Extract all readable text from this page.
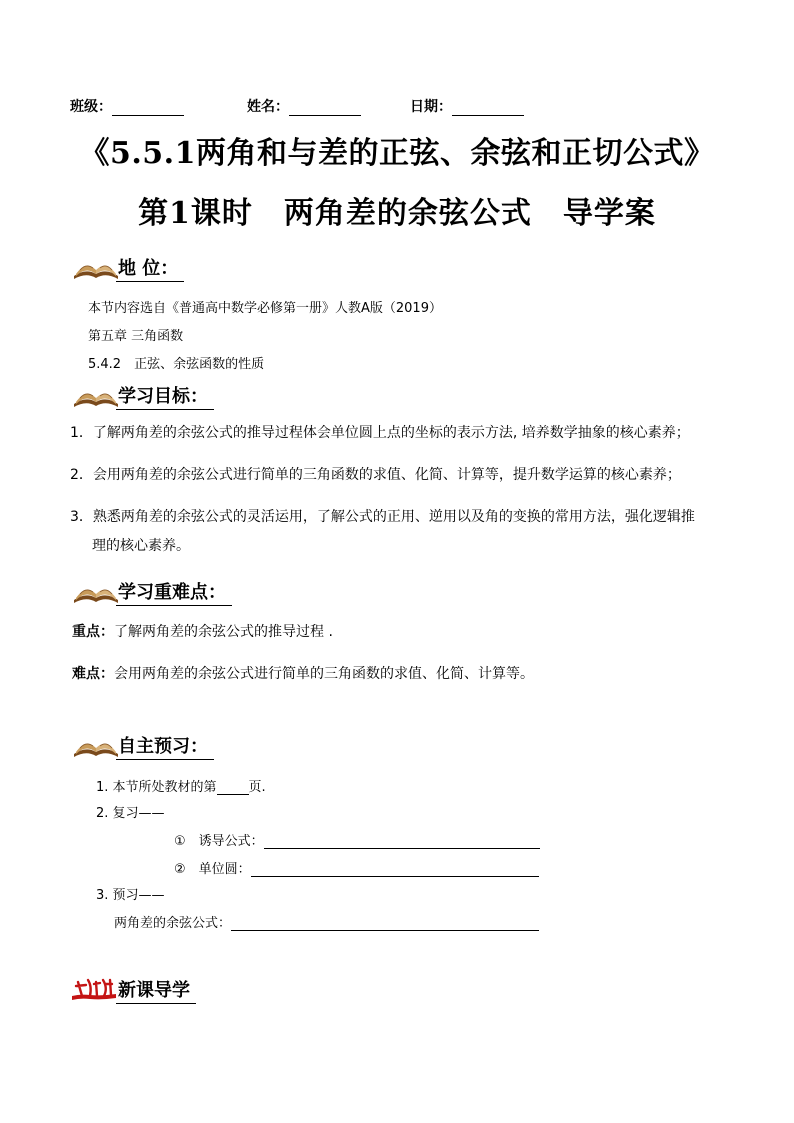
班级：	姓名：	日期：
《5.5.1两角和与差的正弦、余弦和正切公式》
第1课时　两角差的余弦公式　导学案
地 位：
本节内容选自《普通高中数学必修第一册》人教A版（2019）
第五章 三角函数
5.4.2　正弦、余弦函数的性质
学习目标：
1．了解两角差的余弦公式的推导过程体会单位圆上点的坐标的表示方法, 培养数学抽象的核心素养；
2．会用两角差的余弦公式进行简单的三角函数的求值、化简、计算等，提升数学运算的核心素养；
3．熟悉两角差的余弦公式的灵活运用，了解公式的正用、逆用以及角的变换的常用方法，强化逻辑推
理的核心素养。
学习重难点：
重点：了解两角差的余弦公式的推导过程 .
难点：会用两角差的余弦公式进行简单的三角函数的求值、化简、计算等。
自主预习：
1. 本节所处教材的第 页.
2. 复习——
①　诱导公式：
②　单位圆：
3. 预习——
两角差的余弦公式：
新课导学
